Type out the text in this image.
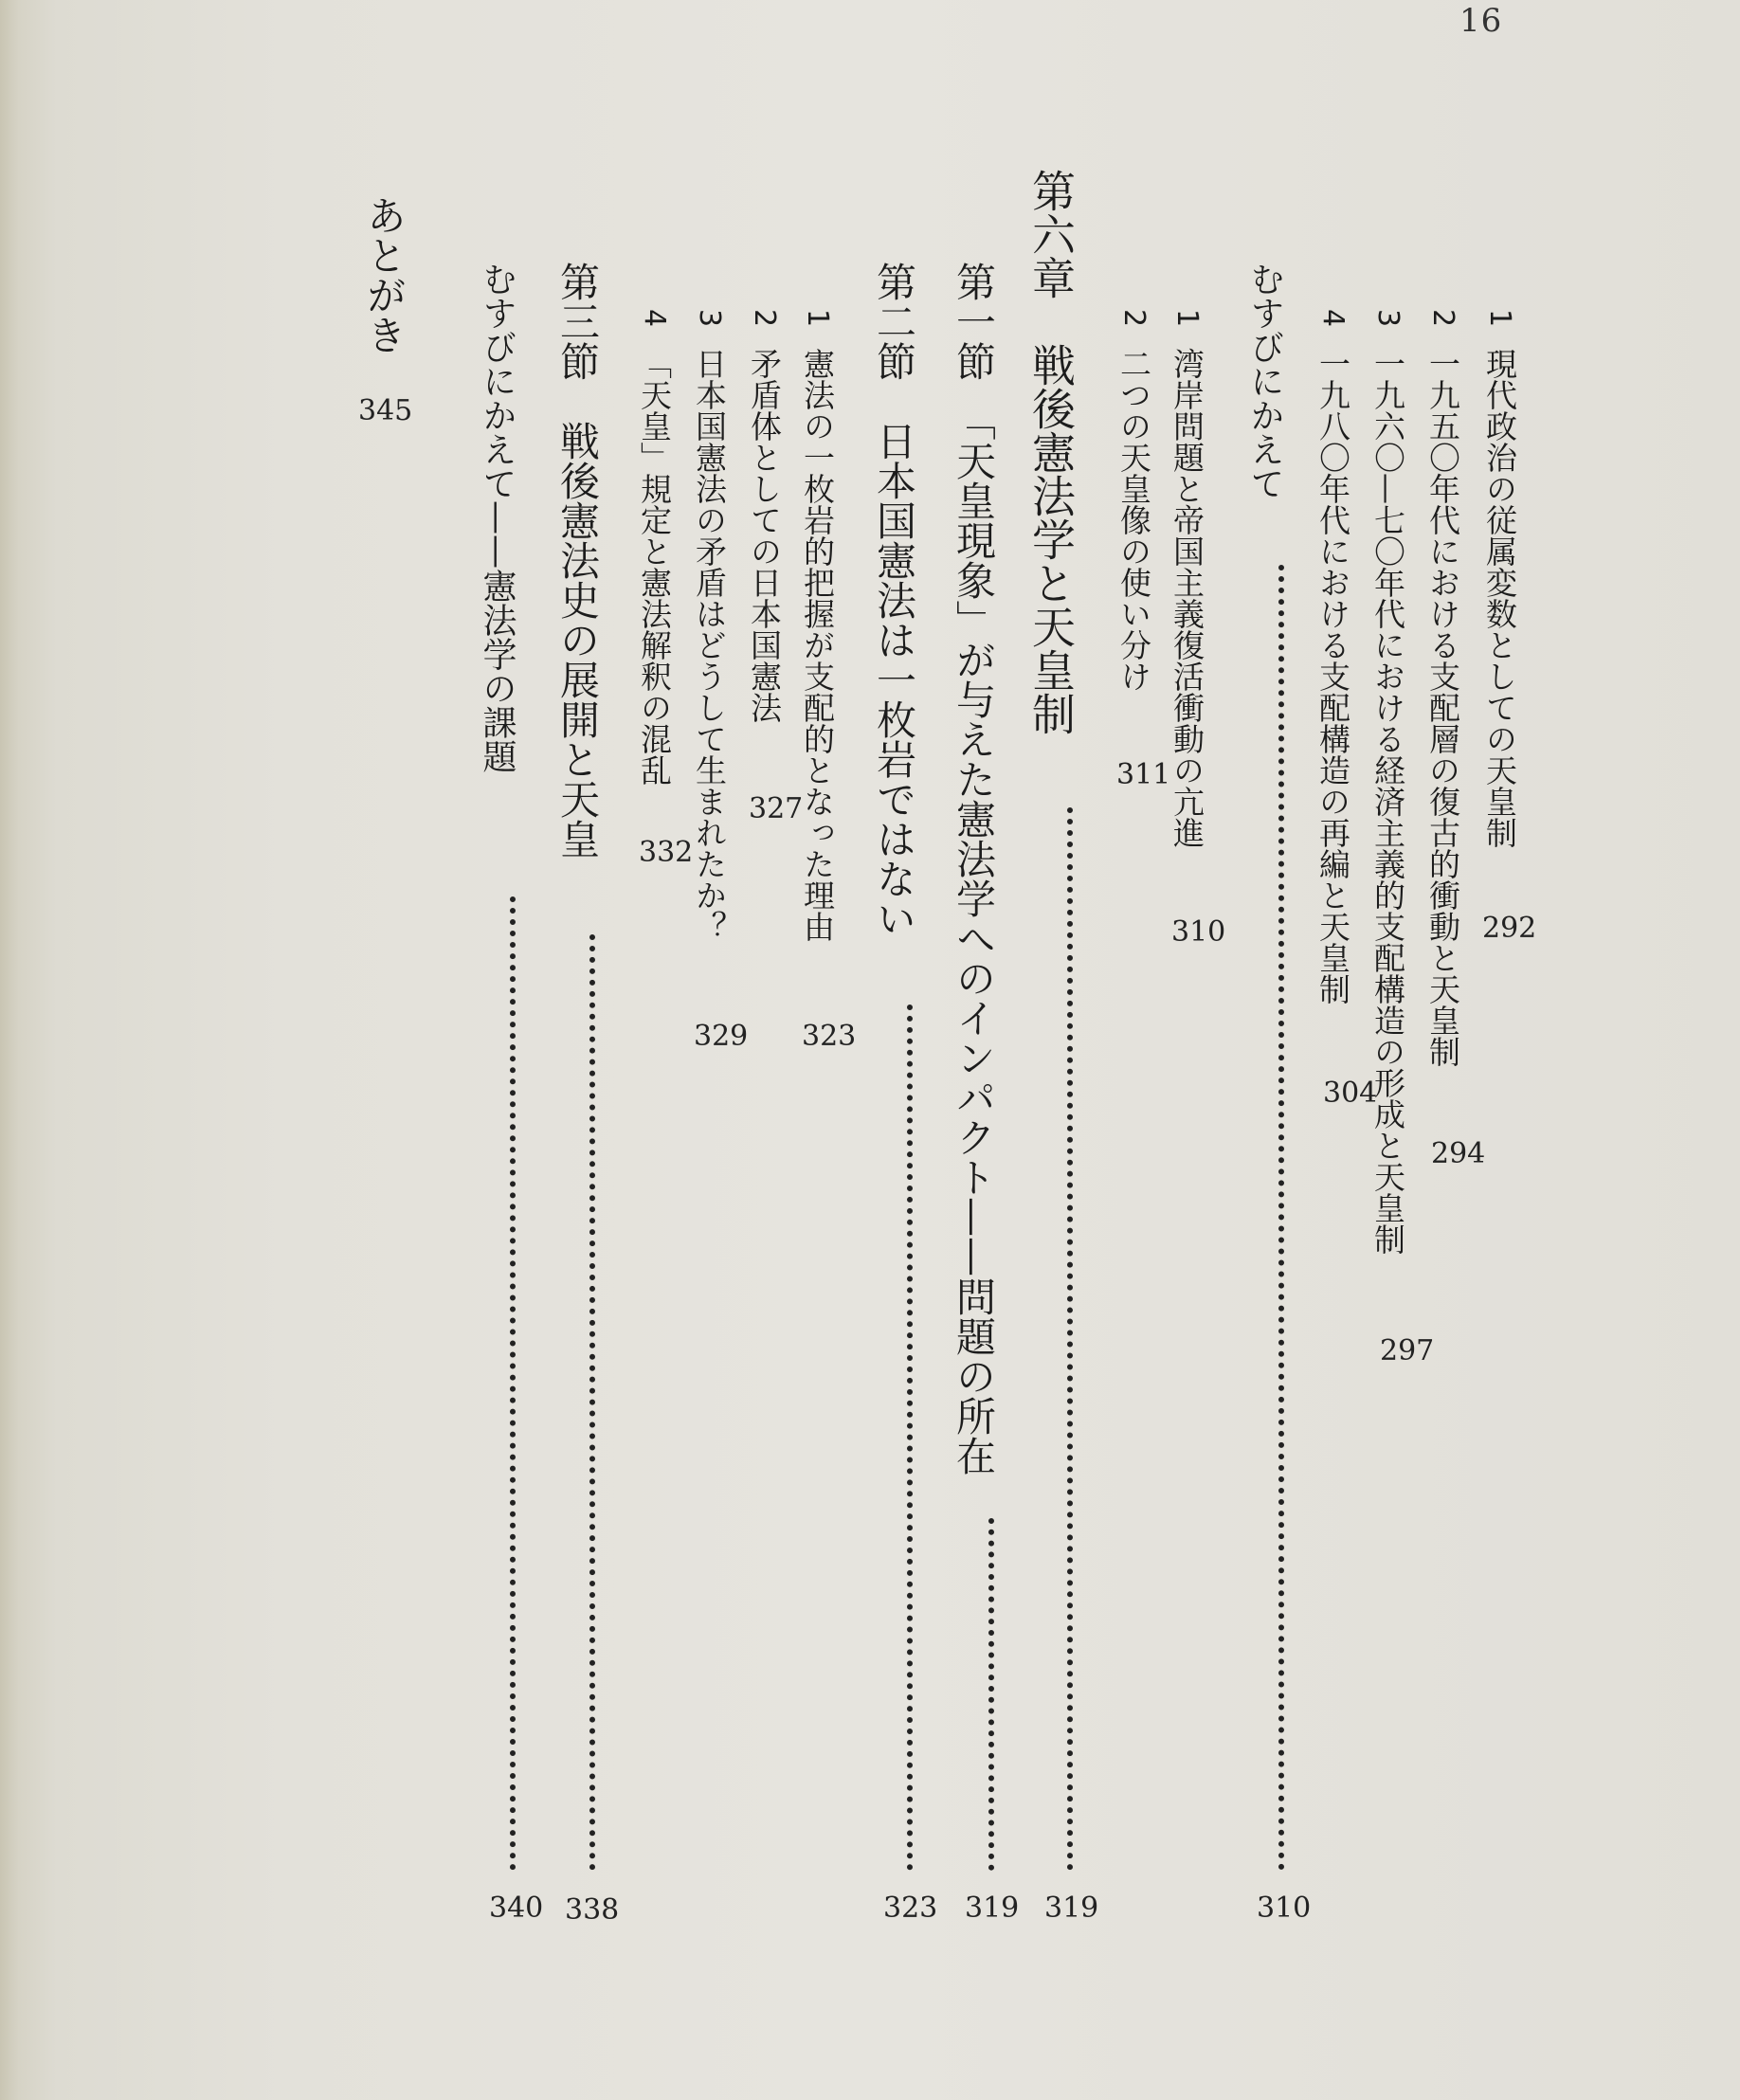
16
1現代政治の従属変数としての天皇制
292
2一九五〇年代における支配層の復古的衝動と天皇制
294
3一九六〇—七〇年代における経済主義的支配構造の形成と天皇制
297
4一九八〇年代における支配構造の再編と天皇制
304
むすびにかえて
310
1湾岸問題と帝国主義復活衝動の亢進
310
2二つの天皇像の使い分け
311
第六章　戦後憲法学と天皇制
319
第一節　「天皇現象」が与えた憲法学へのインパクト——問題の所在
319
第二節　日本国憲法は一枚岩ではない
323
1憲法の一枚岩的把握が支配的となった理由
323
2矛盾体としての日本国憲法
327
3日本国憲法の矛盾はどうして生まれたか？
329
4「天皇」規定と憲法解釈の混乱
332
第三節　戦後憲法史の展開と天皇
338
むすびにかえて——憲法学の課題
340
あとがき
345
